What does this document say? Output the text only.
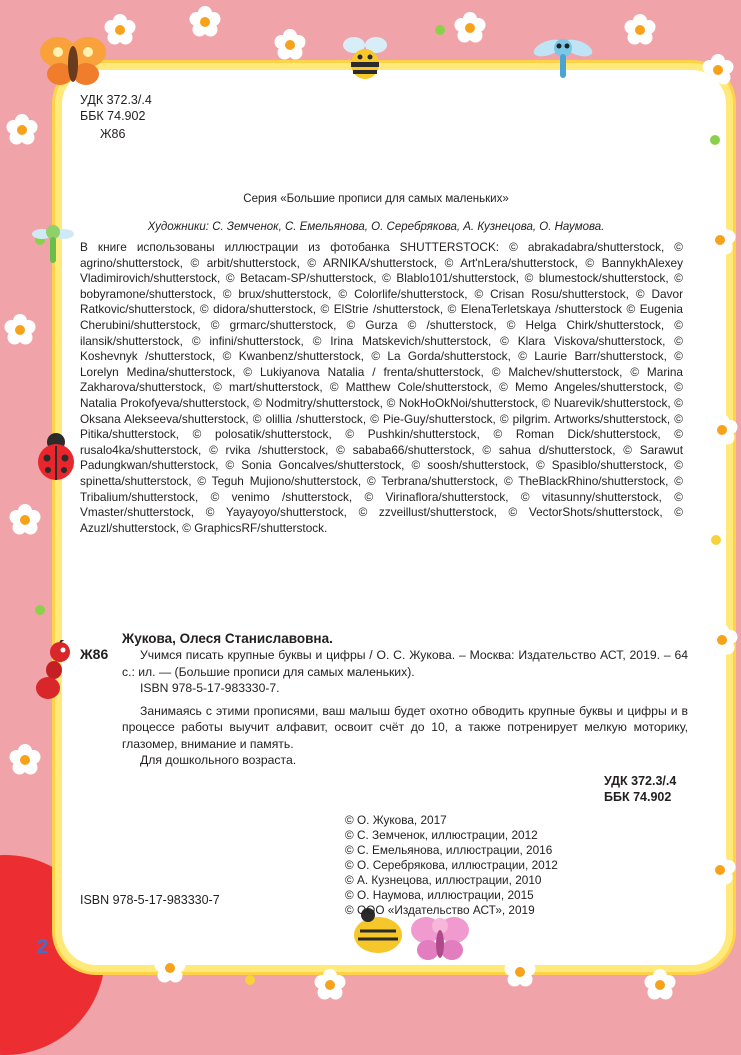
2
УДК 372.3/.4
ББК 74.902
Ж86
Серия «Большие прописи для самых маленьких»
Художники: С. Земченок, С. Емельянова, О. Серебрякова, А. Кузнецова, О. Наумова.
В книге использованы иллюстрации из фотобанка SHUTTERSTOCK: © abrakadabra/shutterstock, © agrino/shutterstock, © arbit/shutterstock, © ARNIKA/shutterstock, © Art'nLera/shutterstock, © BannykhAlexey Vladimirovich/shutterstock, © Betacam-SP/shutterstock, © Blablo101/shutterstock, © blumestock/shutterstock, © bobyramone/shutterstock, © brux/shutterstock, © Colorlife/shutterstock, © Crisan Rosu/shutterstock, © Davor Ratkovic/shutterstock, © didora/shutterstock, © ElStrie /shutterstock, © ElenaTerletskaya /shutterstock © Eugenia Cherubini/shutterstock, © grmarc/shutterstock, © Gurza © /shutterstock, © Helga Chirk/shutterstock, © ilansik/shutterstock, © infini/shutterstock, © Irina Matskevich/shutterstock, © Klara Viskova/shutterstock, © Koshevnyk /shutterstock, © Kwanbenz/shutterstock, © La Gorda/shutterstock, © Laurie Barr/shutterstock, © Lorelyn Medina/shutterstock, © Lukiyanova Natalia / frenta/shutterstock, © Malchev/shutterstock, © Marina Zakharova/shutterstock, © mart/shutterstock, © Matthew Cole/shutterstock, © Memo Angeles/shutterstock, © Natalia Prokofyeva/shutterstock, © Nodmitry/shutterstock, © NokHoOkNoi/shutterstock, © Nuarevik/shutterstock, © Oksana Alekseeva/shutterstock, © olillia /shutterstock, © Pie-Guy/shutterstock, © pilgrim. Artworks/shutterstock, © Pitika/shutterstock, © polosatik/shutterstock, © Pushkin/shutterstock, © Roman Dick/shutterstock, © rusalo4ka/shutterstock, © rvika /shutterstock, © sababa66/shutterstock, © sahua d/shutterstock, © Sarawut Padungkwan/shutterstock, © Sonia Goncalves/shutterstock, © soosh/shutterstock, © Spasiblo/shutterstock, © spinetta/shutterstock, © Teguh Mujiono/shutterstock, © Terbrana/shutterstock, © TheBlackRhino/shutterstock, © Tribalium/shutterstock, © venimo /shutterstock, © Virinaflora/shutterstock, © vitasunny/shutterstock, © Vmaster/shutterstock, © Yayayoyo/shutterstock, © zzveillust/shutterstock, © VectorShots/shutterstock, © Azuzl/shutterstock, © GraphicsRF/shutterstock.
Ж86
Жукова, Олеся Станиславовна.
Учимся писать крупные буквы и цифры / О. С. Жукова. – Москва: Издательство АСТ, 2019. – 64 с.: ил. — (Большие прописи для самых маленьких).
ISBN 978-5-17-983330-7.
Занимаясь с этими прописями, ваш малыш будет охотно обводить крупные буквы и цифры и в процессе работы выучит алфавит, освоит счёт до 10, а также потренирует мелкую моторику, глазомер, внимание и память.
Для дошкольного возраста.
УДК 372.3/.4
ББК 74.902
© О. Жукова, 2017
© С. Земченок, иллюстрации, 2012
© С. Емельянова, иллюстрации, 2016
© О. Серебрякова, иллюстрации, 2012
© А. Кузнецова, иллюстрации, 2010
© О. Наумова, иллюстрации, 2015
© ООО «Издательство АСТ», 2019
ISBN 978-5-17-983330-7
